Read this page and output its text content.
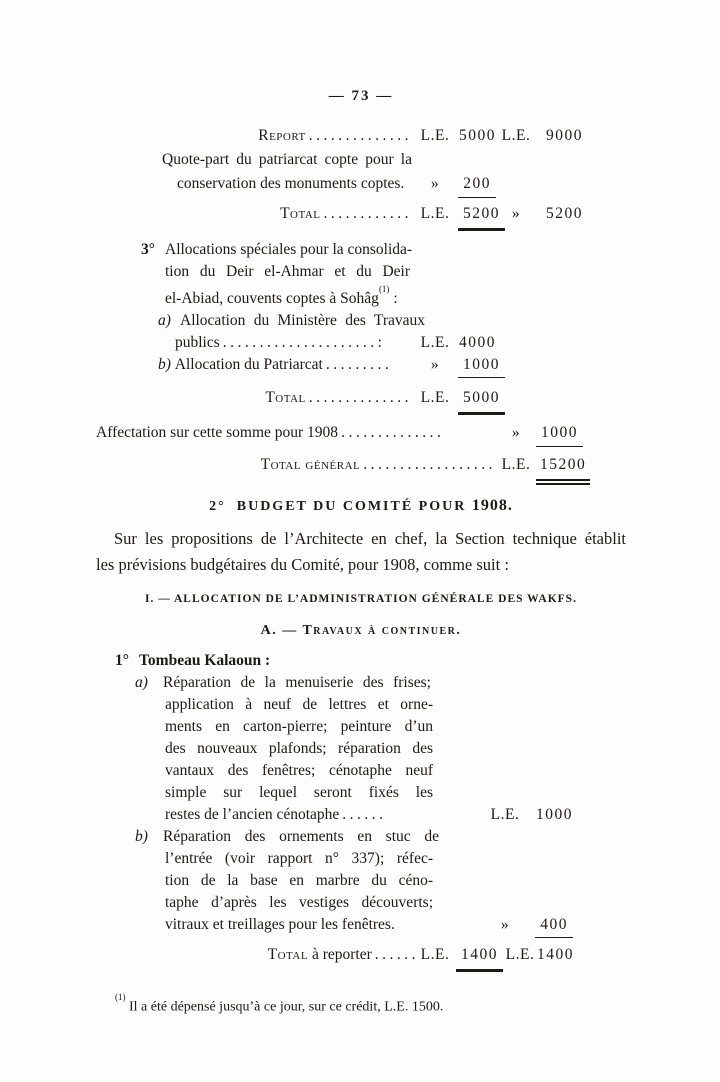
— 73 —
Report .............. L.E. 5000 L.E.	9000
Quote-part du patriarcat copte pour la
conservation des monuments coptes.	»	200
Total ............ L.E. 5200 »	5200
3° Allocations spéciales pour la consolida-
tion du Deir el-Ahmar et du Deir
el-Abiad, couvents coptes à Sohâg$^{(1)}$ :
a) Allocation du Ministère des Travaux
publics .....................:	L.E. 4000
b) Allocation du Patriarcat .........	»	1000
Total .............. L.E. 5000
Affectation sur cette somme pour 1908 ..............	»	1000
Total général .................. L.E. 15200
2° BUDGET DU COMITÉ POUR 1908.
Sur les propositions de l’Architecte en chef, la Section technique établit
les prévisions budgétaires du Comité, pour 1908, comme suit :
I. — ALLOCATION DE L’ADMINISTRATION GÉNÉRALE DES WAKFS.
A. — Travaux à continuer.
1° Tombeau Kalaoun :
a) Réparation de la menuiserie des frises;
application à neuf de lettres et orne-
ments en carton-pierre; peinture d’un
des nouveaux plafonds; réparation des
vantaux des fenêtres; cénotaphe neuf
simple sur lequel seront fixés les
restes de l’ancien cénotaphe ......	L.E.	1000
b) Réparation des ornements en stuc de
l’entrée (voir rapport n° 337); réfec-
tion de la base en marbre du céno-
taphe d’après les vestiges découverts;
vitraux et treillages pour les fenêtres.	»	400
Total à reporter ...... L.E. 1400 L.E. 1400
$^{(1)}$ Il a été dépensé jusqu’à ce jour, sur ce crédit, L.E. 1500.
